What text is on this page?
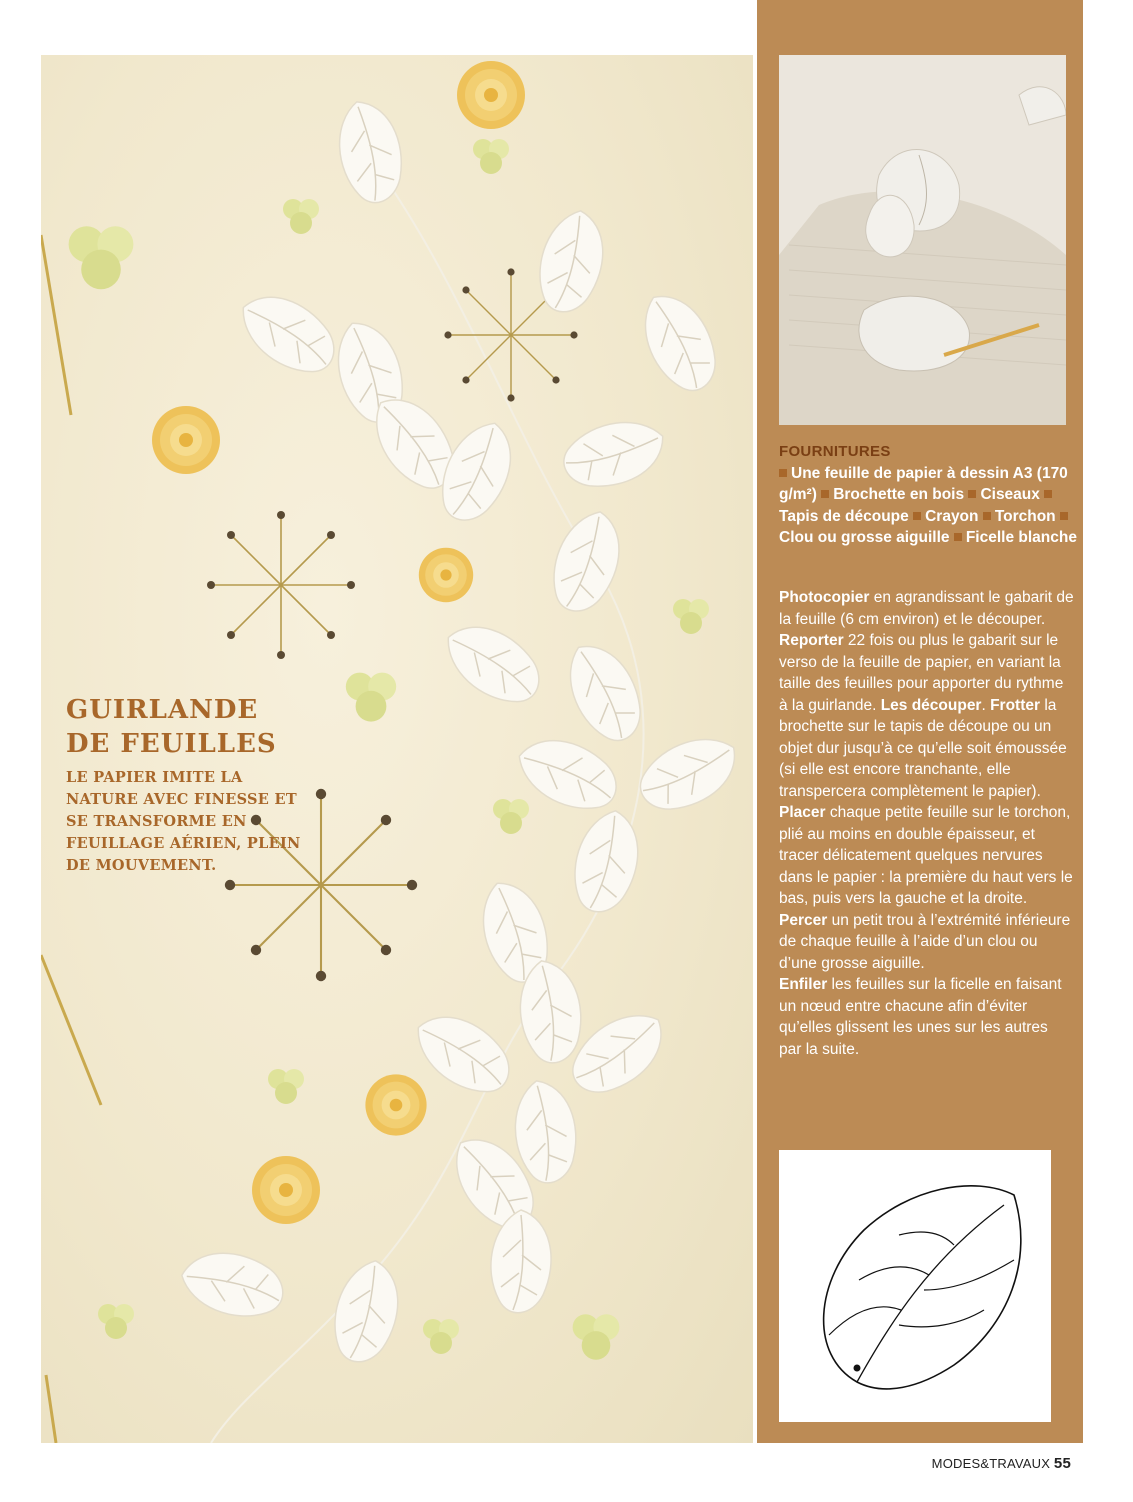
GUIRLANDE
DE FEUILLES
LE PAPIER IMITE LA NATURE AVEC FINESSE ET SE TRANSFORME EN FEUILLAGE AÉRIEN, PLEIN DE MOUVEMENT.
FOURNITURES
Une feuille de papier à dessin A3 (170 g/m²) Brochette en bois Ciseaux Tapis de découpe Crayon Torchon Clou ou grosse aiguille Ficelle blanche
Photocopier en agrandissant le gabarit de la feuille (6 cm environ) et le découper. Reporter 22 fois ou plus le gabarit sur le verso de la feuille de papier, en variant la taille des feuilles pour apporter du rythme à la guirlande. Les découper. Frotter la brochette sur le tapis de découpe ou un objet dur jusqu’à ce qu’elle soit émoussée (si elle est encore tranchante, elle transpercera complètement le papier).
Placer chaque petite feuille sur le torchon, plié au moins en double épaisseur, et tracer délicatement quelques nervures dans le papier : la première du haut vers le bas, puis vers la gauche et la droite.
Percer un petit trou à l’extrémité inférieure de chaque feuille à l’aide d’un clou ou d’une grosse aiguille.
Enfiler les feuilles sur la ficelle en faisant un nœud entre chacune afin d’éviter qu’elles glissent les unes sur les autres par la suite.
MODES&TRAVAUX 55
